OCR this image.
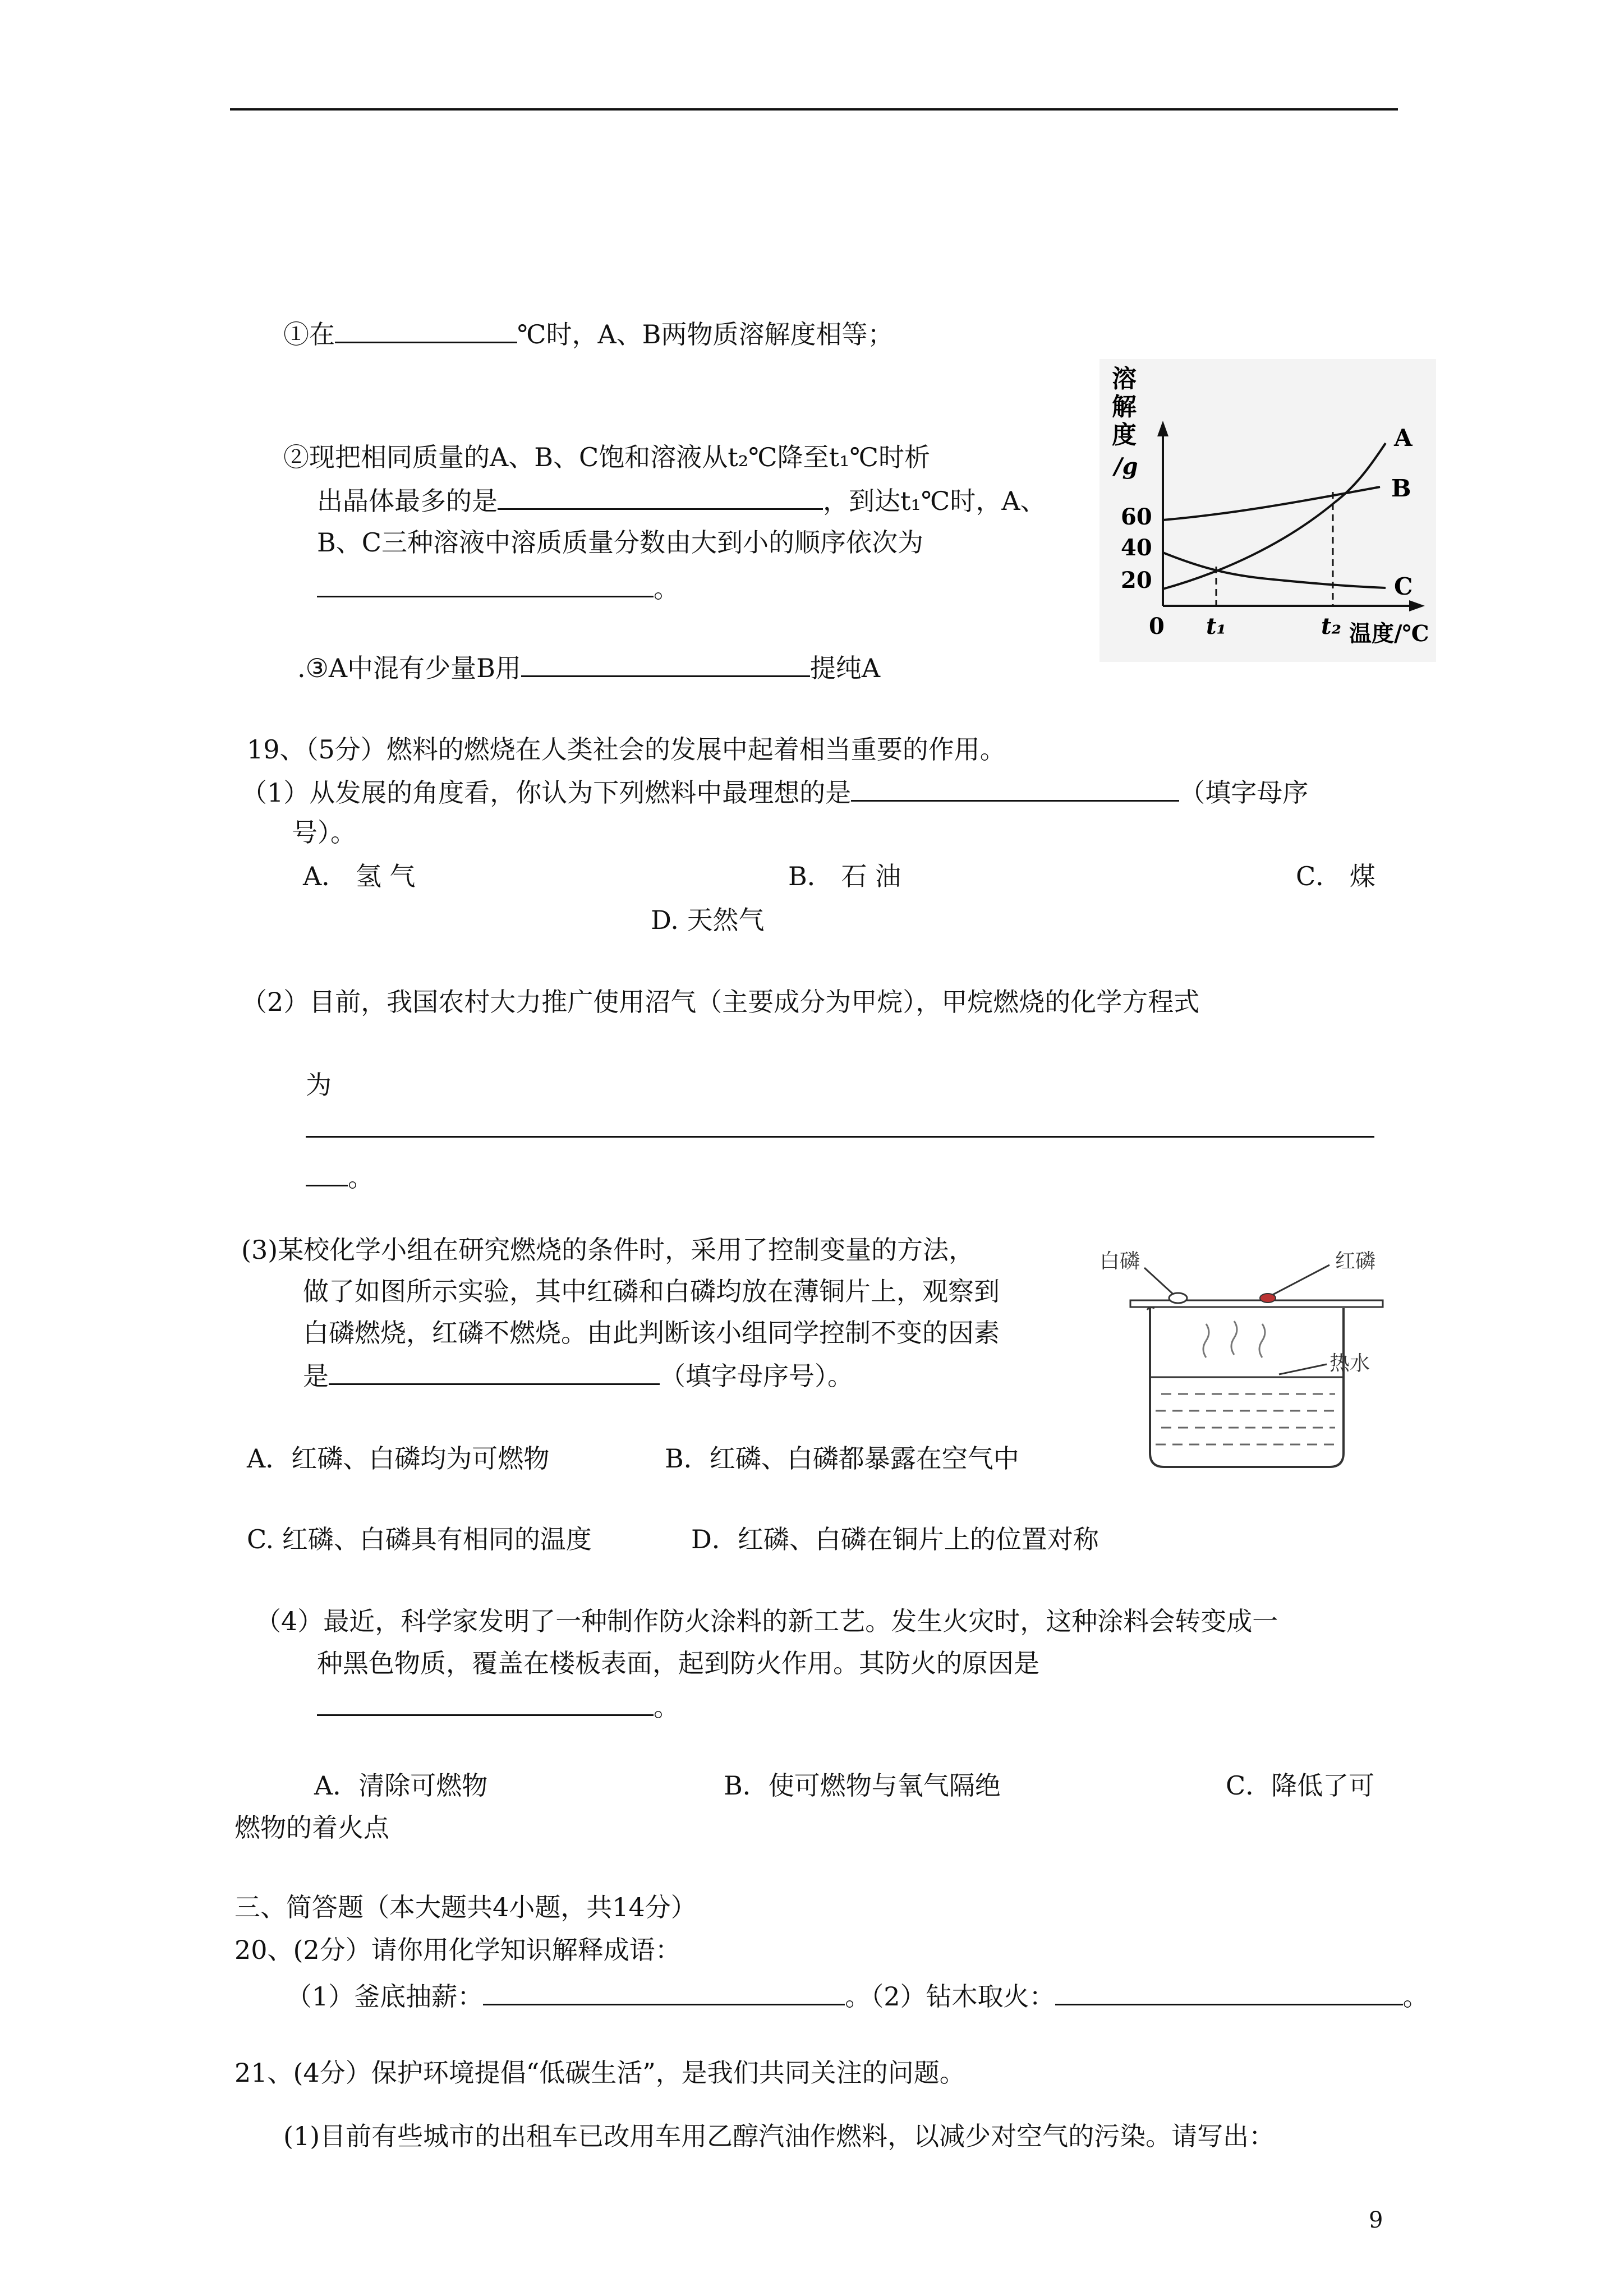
①在	℃时，A、B两物质溶解度相等；
②现把相同质量的A、B、C饱和溶液从t₂℃降至t₁℃时析
出晶体最多的是	，到达t₁℃时，A、
B、C三种溶液中溶质质量分数由大到小的顺序依次为
。
.③A中混有少量B用	提纯A
溶
解
度
/g
60
40
20
0
A
B
C
t₁	t₂ 温度/℃
19、（5分）燃料的燃烧在人类社会的发展中起着相当重要的作用。
（1）从发展的角度看，你认为下列燃料中最理想的是	（填字母序
号）。
A． 氢 气	B． 石 油	C． 煤
D. 天然气
（2）目前，我国农村大力推广使用沼气（主要成分为甲烷），甲烷燃烧的化学方程式
为
。
(3)某校化学小组在研究燃烧的条件时，采用了控制变量的方法，
做了如图所示实验，其中红磷和白磷均放在薄铜片上，观察到
白磷燃烧，红磷不燃烧。由此判断该小组同学控制不变的因素
是	（填字母序号）。
白磷	红磷
热水
A．红磷、白磷均为可燃物	B．红磷、白磷都暴露在空气中
C. 红磷、白磷具有相同的温度	D．红磷、白磷在铜片上的位置对称
（4）最近，科学家发明了一种制作防火涂料的新工艺。发生火灾时，这种涂料会转变成一
种黑色物质，覆盖在楼板表面，起到防火作用。其防火的原因是
。
A．清除可燃物	B．使可燃物与氧气隔绝	C．降低了可
燃物的着火点
三、简答题（本大题共4小题，共14分）
20、(2分）请你用化学知识解释成语：
（1）釜底抽薪：	。（2）钻木取火：	。
21、(4分）保护环境提倡“低碳生活”，是我们共同关注的问题。
(1)目前有些城市的出租车已改用车用乙醇汽油作燃料，以减少对空气的污染。请写出：
9
